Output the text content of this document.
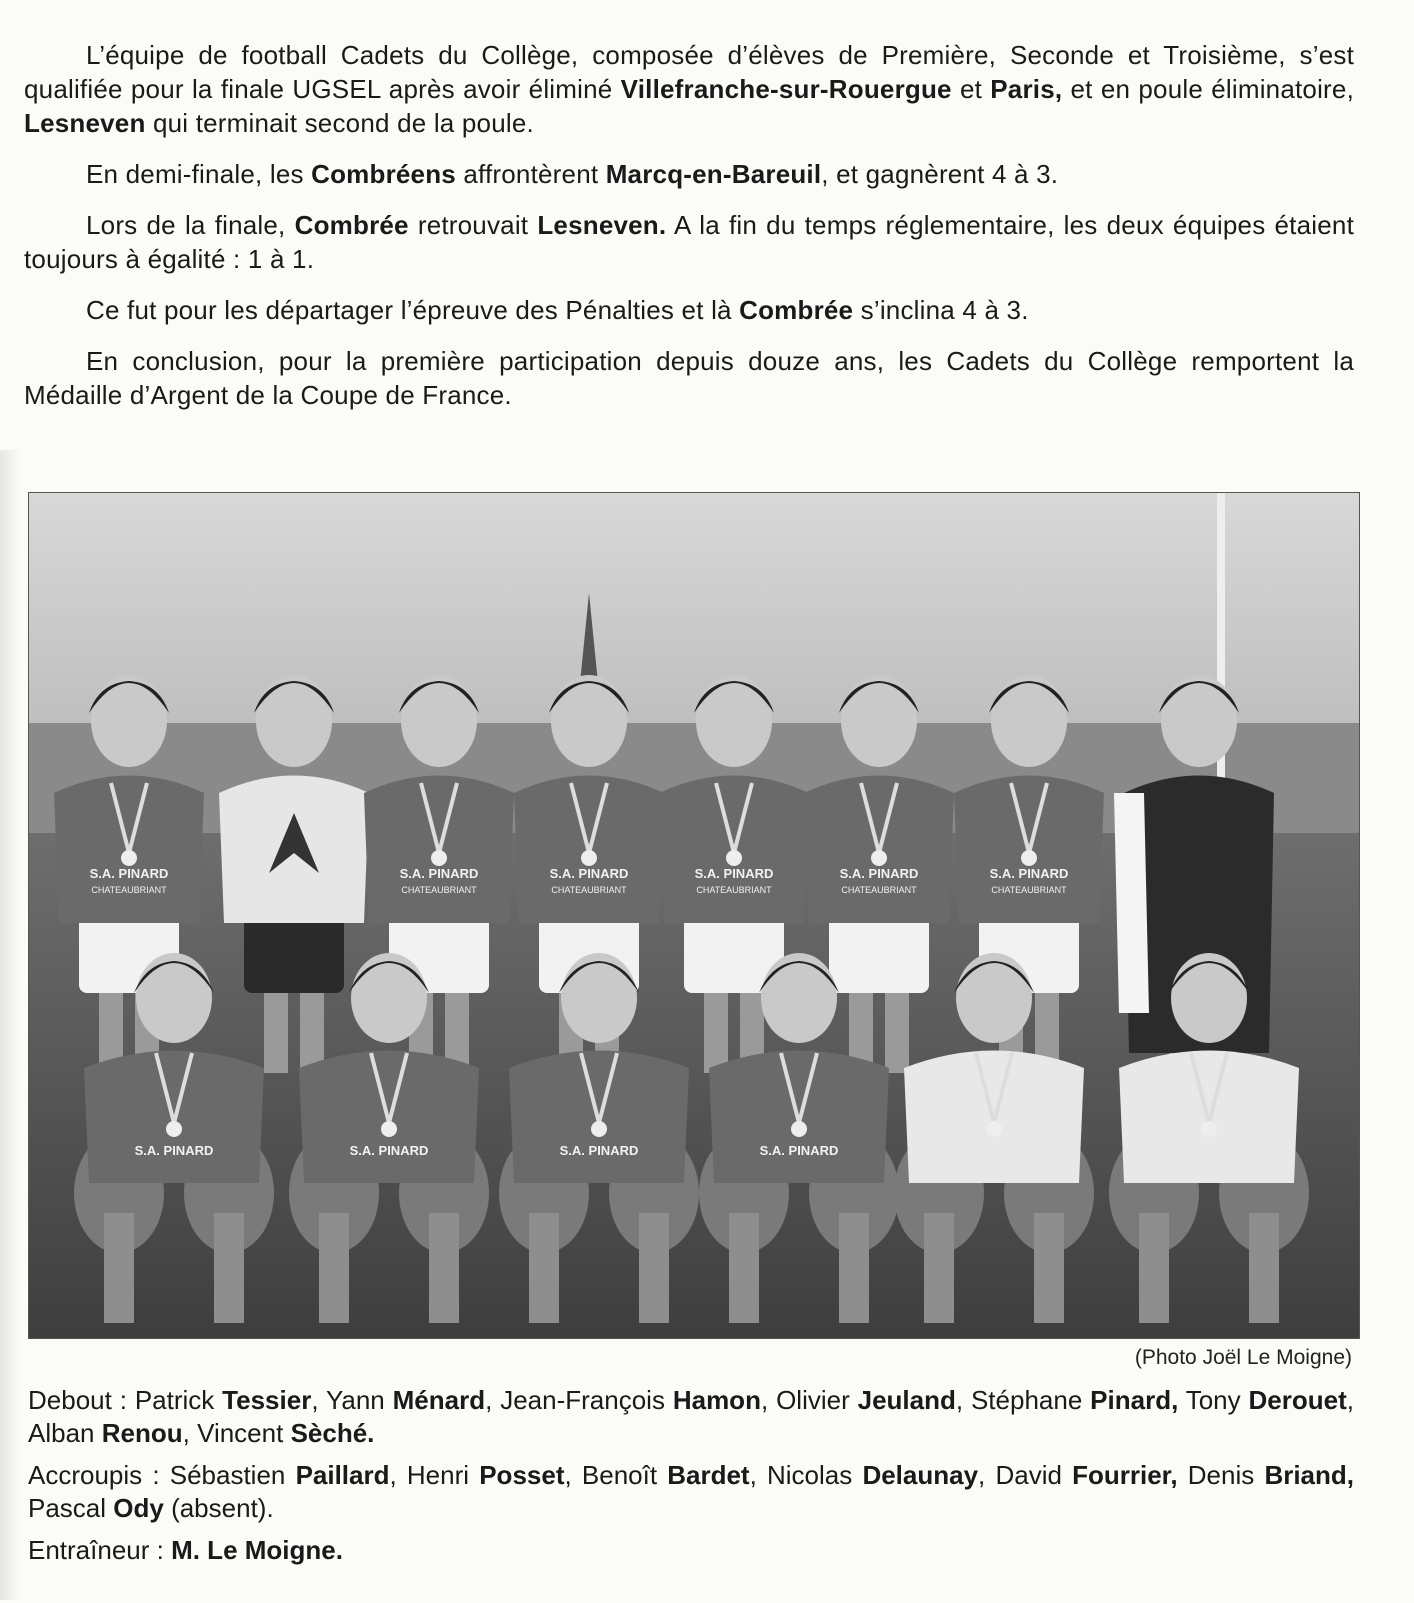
L’équipe de football Cadets du Collège, composée d’élèves de Première, Seconde et Troisième, s’est qualifiée pour la finale UGSEL après avoir éliminé Villefranche-sur-Rouergue et Paris, et en poule éliminatoire, Lesneven qui terminait second de la poule.

En demi-finale, les Combréens affrontèrent Marcq-en-Bareuil, et gagnèrent 4 à 3.

Lors de la finale, Combrée retrouvait Lesneven. A la fin du temps réglementaire, les deux équipes étaient toujours à égalité : 1 à 1.

Ce fut pour les départager l’épreuve des Pénalties et là Combrée s’inclina 4 à 3.

En conclusion, pour la première participation depuis douze ans, les Cadets du Collège remportent la Médaille d’Argent de la Coupe de France.

S.A. PINARD
CHATEAUBRIANT
S.A. PINARD
CHATEAUBRIANT
S.A. PINARD
CHATEAUBRIANT
S.A. PINARD
CHATEAUBRIANT
S.A. PINARD
CHATEAUBRIANT
S.A. PINARD
CHATEAUBRIANT
S.A. PINARD	S.A. PINARD	S.A. PINARD	S.A. PINARD
(Photo Joël Le Moigne)

Debout : Patrick Tessier, Yann Ménard, Jean-François Hamon, Olivier Jeuland, Stéphane Pinard, Tony Derouet, Alban Renou, Vincent Sèché.

Accroupis : Sébastien Paillard, Henri Posset, Benoît Bardet, Nicolas Delaunay, David Fourrier, Denis Briand, Pascal Ody (absent).

Entraîneur : M. Le Moigne.
